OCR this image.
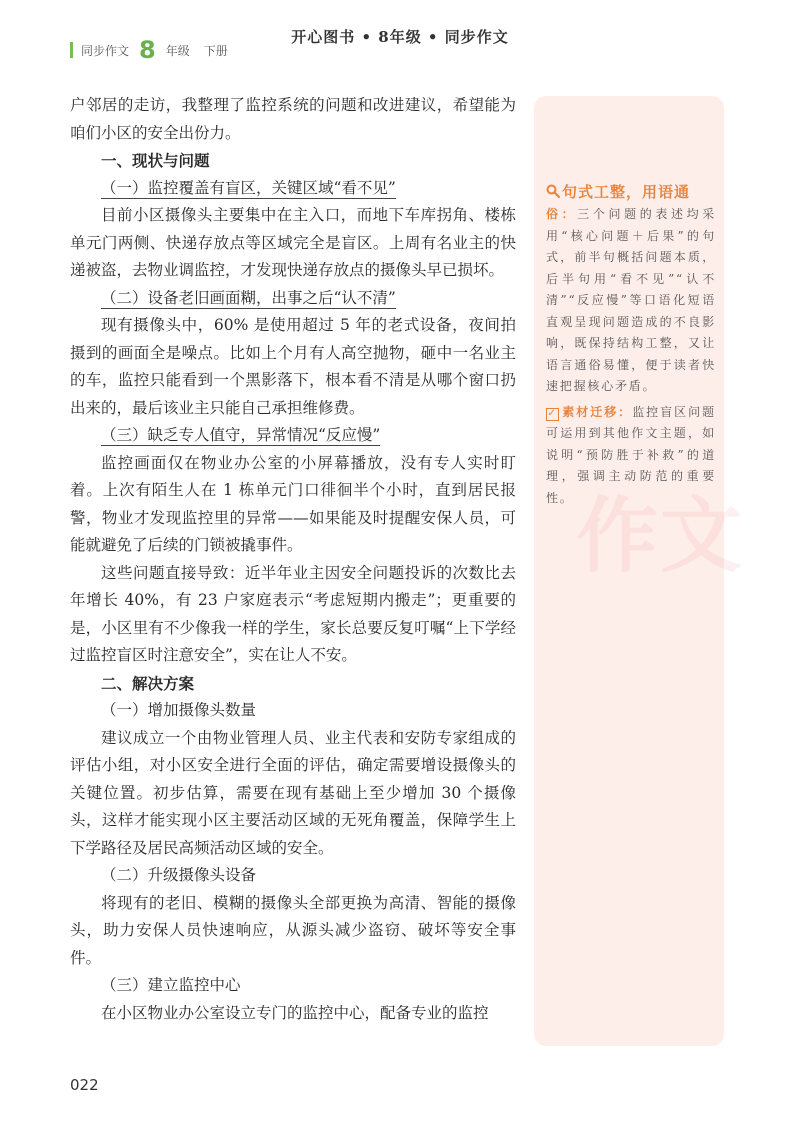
同步作文 8 年级 下册
开心图书 • 8年级 • 同步作文
作文

户邻居的走访，我整理了监控系统的问题和改进建议，希望能为咱们小区的安全出份力。

一、现状与问题
（一）监控覆盖有盲区，关键区域“看不见”

目前小区摄像头主要集中在主入口，而地下车库拐角、楼栋单元门两侧、快递存放点等区域完全是盲区。上周有名业主的快递被盗，去物业调监控，才发现快递存放点的摄像头早已损坏。

（二）设备老旧画面糊，出事之后“认不清”

现有摄像头中，60% 是使用超过 5 年的老式设备，夜间拍摄到的画面全是噪点。比如上个月有人高空抛物，砸中一名业主的车，监控只能看到一个黑影落下，根本看不清是从哪个窗口扔出来的，最后该业主只能自己承担维修费。

（三）缺乏专人值守，异常情况“反应慢”

监控画面仅在物业办公室的小屏幕播放，没有专人实时盯着。上次有陌生人在 1 栋单元门口徘徊半个小时，直到居民报警，物业才发现监控里的异常——如果能及时提醒安保人员，可能就避免了后续的门锁被撬事件。

这些问题直接导致：近半年业主因安全问题投诉的次数比去年增长 40%，有 23 户家庭表示“考虑短期内搬走”；更重要的是，小区里有不少像我一样的学生，家长总要反复叮嘱“上下学经过监控盲区时注意安全”，实在让人不安。

二、解决方案
（一）增加摄像头数量

建议成立一个由物业管理人员、业主代表和安防专家组成的评估小组，对小区安全进行全面的评估，确定需要增设摄像头的关键位置。初步估算，需要在现有基础上至少增加 30 个摄像头，这样才能实现小区主要活动区域的无死角覆盖，保障学生上下学路径及居民高频活动区域的安全。

（二）升级摄像头设备

将现有的老旧、模糊的摄像头全部更换为高清、智能的摄像头，助力安保人员快速响应，从源头减少盗窃、破坏等安全事件。

（三）建立监控中心

在小区物业办公室设立专门的监控中心，配备专业的监控

句式工整，用语通

俗：三个问题的表述均采用“核心问题＋后果”的句式，前半句概括问题本质，后半句用“看不见”“认不清”“反应慢”等口语化短语直观呈现问题造成的不良影响，既保持结构工整，又让语言通俗易懂，便于读者快速把握核心矛盾。

✓ 素材迁移：监控盲区问题可运用到其他作文主题，如说明“预防胜于补救”的道理，强调主动防范的重要性。

022
